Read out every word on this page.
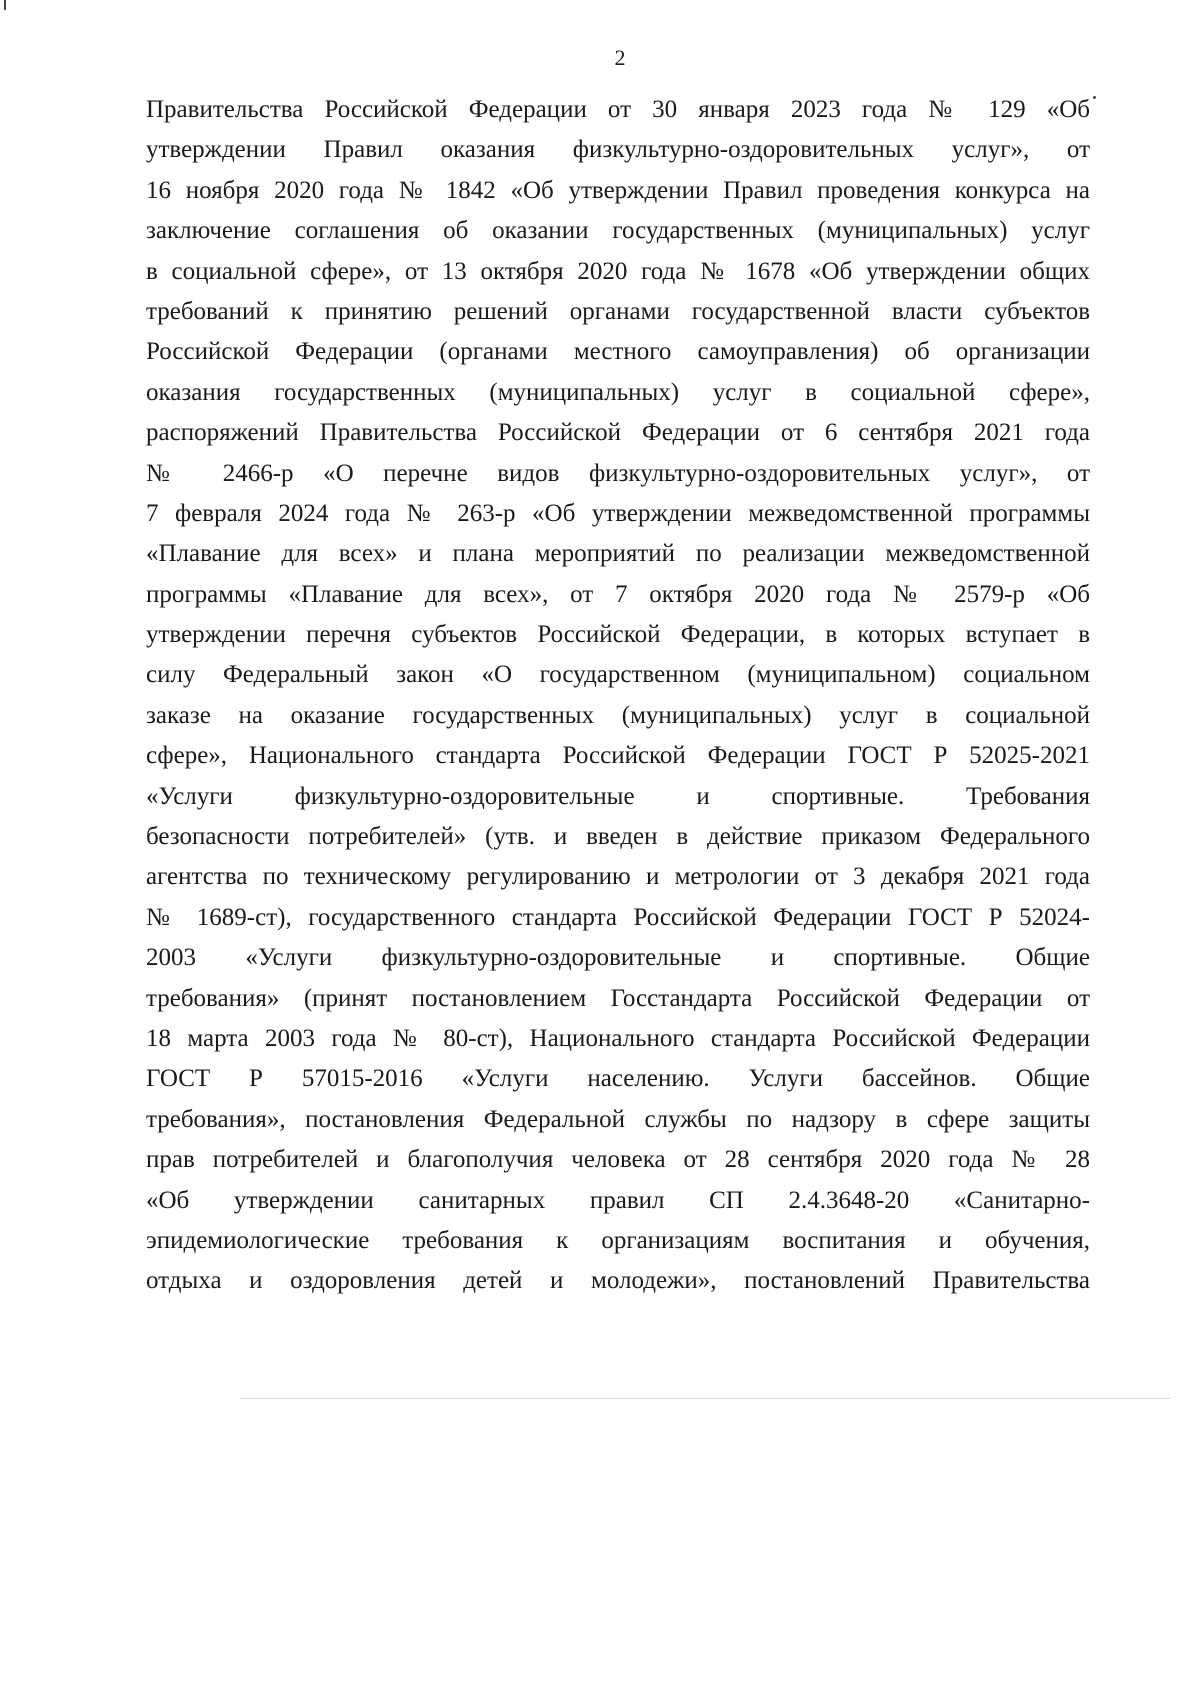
2
Правительства Российской Федерации от 30 января 2023 года № 129 «Об
утверждении Правил оказания физкультурно-оздоровительных услуг», от
16 ноября 2020 года № 1842 «Об утверждении Правил проведения конкурса на
заключение соглашения об оказании государственных (муниципальных) услуг
в социальной сфере», от 13 октября 2020 года № 1678 «Об утверждении общих
требований к принятию решений органами государственной власти субъектов
Российской Федерации (органами местного самоуправления) об организации
оказания государственных (муниципальных) услуг в социальной сфере»,
распоряжений Правительства Российской Федерации от 6 сентября 2021 года
№ 2466-р «О перечне видов физкультурно-оздоровительных услуг», от
7 февраля 2024 года № 263-р «Об утверждении межведомственной программы
«Плавание для всех» и плана мероприятий по реализации межведомственной
программы «Плавание для всех», от 7 октября 2020 года № 2579-р «Об
утверждении перечня субъектов Российской Федерации, в которых вступает в
силу Федеральный закон «О государственном (муниципальном) социальном
заказе на оказание государственных (муниципальных) услуг в социальной
сфере», Национального стандарта Российской Федерации ГОСТ Р 52025-2021
«Услуги физкультурно-оздоровительные и спортивные. Требования
безопасности потребителей» (утв. и введен в действие приказом Федерального
агентства по техническому регулированию и метрологии от 3 декабря 2021 года
№ 1689-ст), государственного стандарта Российской Федерации ГОСТ Р 52024-
2003 «Услуги физкультурно-оздоровительные и спортивные. Общие
требования» (принят постановлением Госстандарта Российской Федерации от
18 марта 2003 года № 80-ст), Национального стандарта Российской Федерации
ГОСТ Р 57015-2016 «Услуги населению. Услуги бассейнов. Общие
требования», постановления Федеральной службы по надзору в сфере защиты
прав потребителей и благополучия человека от 28 сентября 2020 года № 28
«Об утверждении санитарных правил СП 2.4.3648-20 «Санитарно-
эпидемиологические требования к организациям воспитания и обучения,
отдыха и оздоровления детей и молодежи», постановлений Правительства
